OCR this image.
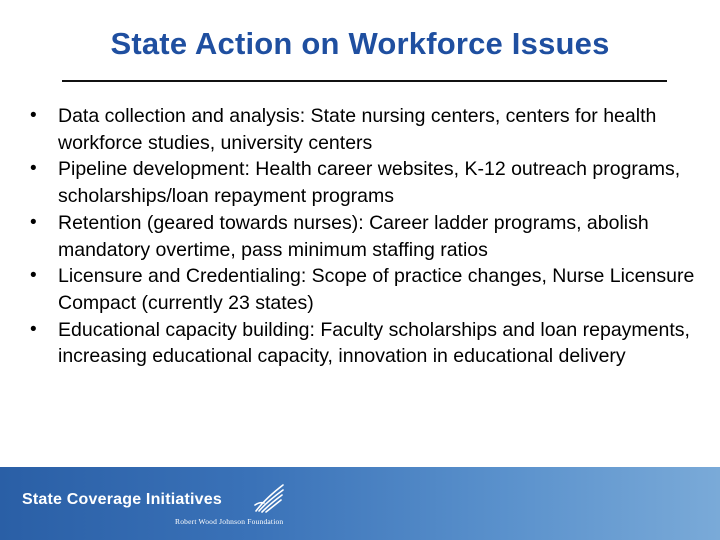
State Action on Workforce Issues
•	Data collection and analysis: State nursing centers, centers for health workforce studies, university centers
•	Pipeline development: Health career websites, K-12 outreach programs, scholarships/loan repayment programs
•	Retention (geared towards nurses): Career ladder programs, abolish mandatory overtime, pass minimum staffing ratios
•	Licensure and Credentialing: Scope of practice changes, Nurse Licensure Compact (currently 23 states)
•	Educational capacity building: Faculty scholarships and loan repayments, increasing educational capacity, innovation in educational delivery
State Coverage Initiatives
Robert Wood Johnson Foundation
